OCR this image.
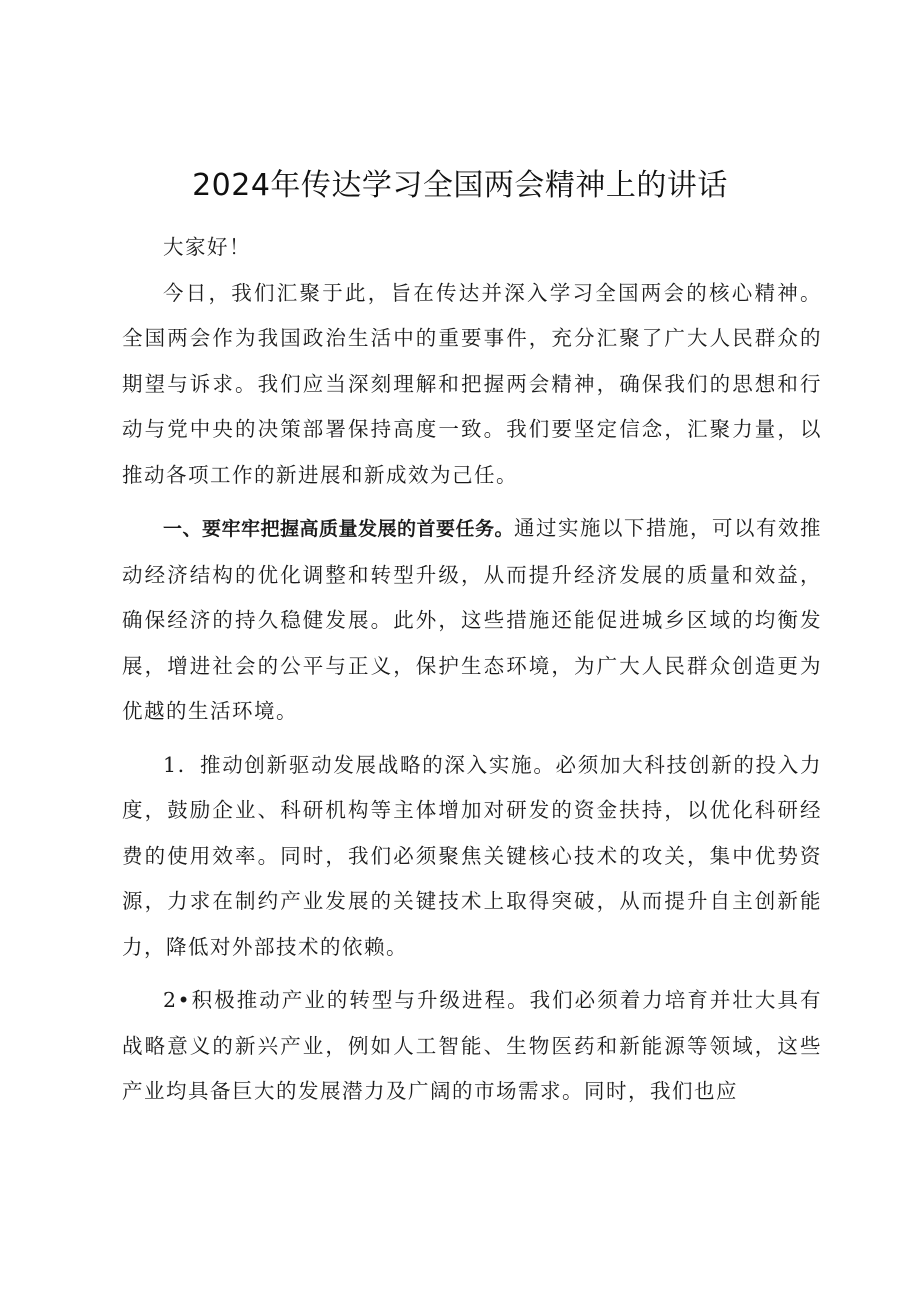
2024年传达学习全国两会精神上的讲话

大家好！

今日，我们汇聚于此，旨在传达并深入学习全国两会的核心精神。全国两会作为我国政治生活中的重要事件，充分汇聚了广大人民群众的期望与诉求。我们应当深刻理解和把握两会精神，确保我们的思想和行动与党中央的决策部署保持高度一致。我们要坚定信念，汇聚力量，以推动各项工作的新进展和新成效为己任。

一、要牢牢把握高质量发展的首要任务。通过实施以下措施，可以有效推动经济结构的优化调整和转型升级，从而提升经济发展的质量和效益，确保经济的持久稳健发展。此外，这些措施还能促进城乡区域的均衡发展，增进社会的公平与正义，保护生态环境，为广大人民群众创造更为优越的生活环境。

1．推动创新驱动发展战略的深入实施。必须加大科技创新的投入力度，鼓励企业、科研机构等主体增加对研发的资金扶持，以优化科研经费的使用效率。同时，我们必须聚焦关键核心技术的攻关，集中优势资源，力求在制约产业发展的关键技术上取得突破，从而提升自主创新能力，降低对外部技术的依赖。

2•积极推动产业的转型与升级进程。我们必须着力培育并壮大具有战略意义的新兴产业，例如人工智能、生物医药和新能源等领域，这些产业均具备巨大的发展潜力及广阔的市场需求。同时，我们也应
